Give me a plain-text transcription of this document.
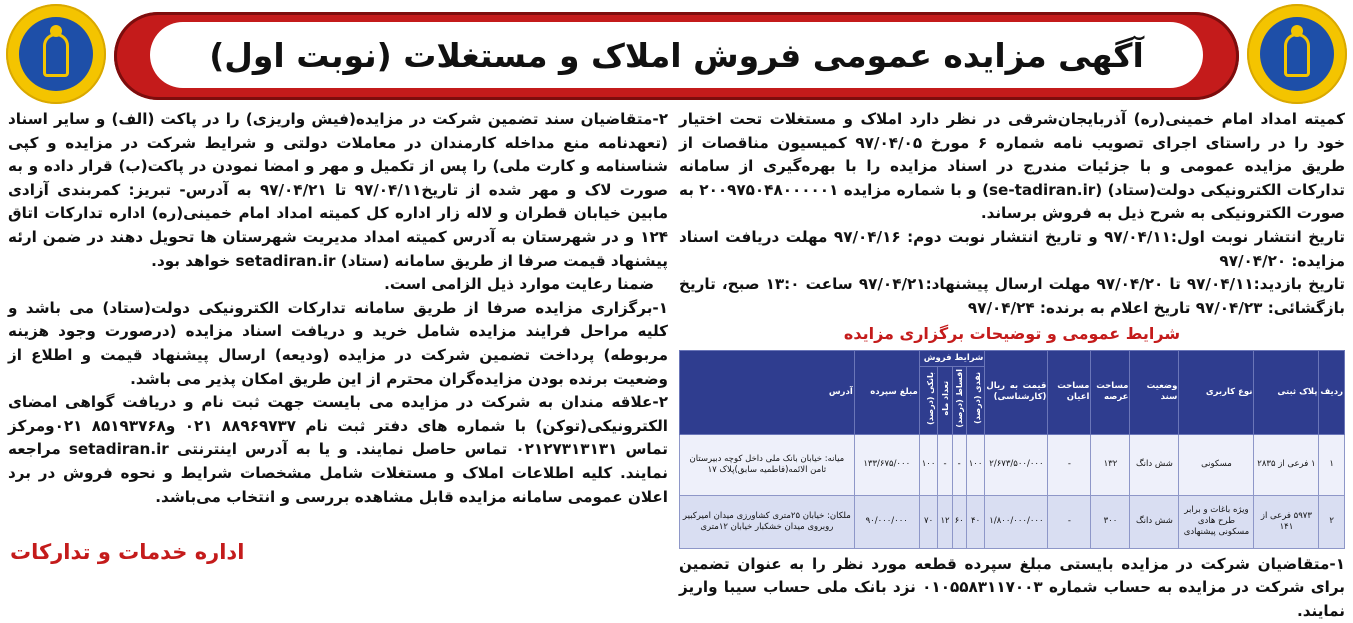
آگهی مزایده عمومی فروش املاک و مستغلات (نوبت اول)

کمیته امداد امام خمینی(ره) آذربایجان‌شرقی در نظر دارد املاک و مستغلات تحت اختیار خود را در راستای اجرای تصویب نامه شماره ۶ مورخ ۹۷/۰۴/۰۵ کمیسیون مناقصات از طریق مزایده عمومی و با جزئیات مندرج در اسناد مزایده را با بهره‌گیری از سامانه تدارکات الکترونیکی دولت(ستاد) (se-tadiran.ir) و با شماره مزایده ۲۰۰۹۷۵۰۴۸۰۰۰۰۰۱ به صورت الکترونیکی به شرح ذیل به فروش برساند.

تاریخ انتشار نوبت اول:۹۷/۰۴/۱۱ و تاریخ انتشار نوبت دوم: ۹۷/۰۴/۱۶ مهلت دریافت اسناد مزایده: ۹۷/۰۴/۲۰

تاریخ بازدید:۹۷/۰۴/۱۱ تا ۹۷/۰۴/۲۰ مهلت ارسال پیشنهاد:۹۷/۰۴/۲۱ ساعت ۱۳:۰ صبح، تاریخ بازگشائی: ۹۷/۰۴/۲۳ تاریخ اعلام به برنده: ۹۷/۰۴/۲۴

شرایط عمومی و توضیحات برگزاری مزایده
ردیف	پلاک ثبتی	نوع کاربری	وضعیت سند	مساحت عرصه	مساحت اعیان	قیمت به ریال (کارشناسی)	شرایط فروش				مبلغ سپرده	آدرس
							نقدی (درصد)	اقساط (درصد)	تعداد ماه	بانکی (درصد)		
۱	۱ فرعی از ۲۸۳۵	مسکونی	شش دانگ	۱۳۲	-	۲/۶۷۳/۵۰۰/۰۰۰	۱۰۰	-	-	۱۰۰	۱۳۳/۶۷۵/۰۰۰	میانه: خیابان بانک ملی داخل کوچه دبیرستان ثامن الائمه(فاطمیه سابق)پلاک ۱۷
۲	۵۹۷۳ فرعی از ۱۴۱	ویژه باغات و برابر طرح هادی مسکونی پیشنهادی	شش دانگ	۳۰۰	-	۱/۸۰۰/۰۰۰/۰۰۰	۴۰	۶۰	۱۲	۷۰	۹۰/۰۰۰/۰۰۰	ملکان: خیابان ۲۵متری کشاورزی میدان امیرکبیر روبروی میدان خشکبار خیابان ۱۲متری

۱-متقاضیان شرکت در مزایده بایستی مبلغ سپرده قطعه مورد نظر را به عنوان تضمین برای شرکت در مزایده به حساب شماره ۰۱۰۵۵۸۳۱۱۷۰۰۳ نزد بانک ملی حساب سیبا واریز نمایند.

۲-متقاضیان سند تضمین شرکت در مزایده(فیش واریزی) را در پاکت (الف) و سایر اسناد (تعهدنامه منع مداخله کارمندان در معاملات دولتی و شرایط شرکت در مزایده و کپی شناسنامه و کارت ملی) را پس از تکمیل و مهر و امضا نمودن در پاکت(ب) قرار داده و به صورت لاک و مهر شده از تاریخ۹۷/۰۴/۱۱ تا ۹۷/۰۴/۲۱ به آدرس- تبریز: کمربندی آزادی مابین خیابان قطران و لاله زار اداره کل کمیته امداد امام خمینی(ره) اداره تدارکات اتاق ۱۲۴ و در شهرستان به آدرس کمیته امداد مدیریت شهرستان ها تحویل دهند در ضمن ارئه پیشنهاد قیمت صرفا از طریق سامانه (ستاد) setadiran.ir خواهد بود.

ضمنا رعایت موارد ذیل الزامی است.

۱-برگزاری مزایده صرفا از طریق سامانه تدارکات الکترونیکی دولت(ستاد) می باشد و کلیه مراحل فرایند مزایده شامل خرید و دریافت اسناد مزایده (درصورت وجود هزینه مربوطه) پرداخت تضمین شرکت در مزایده (ودیعه) ارسال پیشنهاد قیمت و اطلاع از وضعیت برنده بودن مزایده‌گران محترم از این طریق امکان پذیر می باشد.

۲-علاقه مندان به شرکت در مزایده می بایست جهت ثبت نام و دریافت گواهی امضای الکترونیکی(توکن) با شماره های دفتر ثبت نام ۸۸۹۶۹۷۳۷ ۰۲۱ و۸۵۱۹۳۷۶۸ ۰۲۱ومرکز تماس ۰۲۱۲۷۳۱۳۱۳۱ تماس حاصل نمایند. و یا به آدرس اینترنتی setadiran.ir مراجعه نمایند. کلیه اطلاعات املاک و مستغلات شامل مشخصات شرایط و نحوه فروش در برد اعلان عمومی سامانه مزایده قابل مشاهده بررسی و انتخاب می‌باشد.

اداره خدمات و تدارکات
